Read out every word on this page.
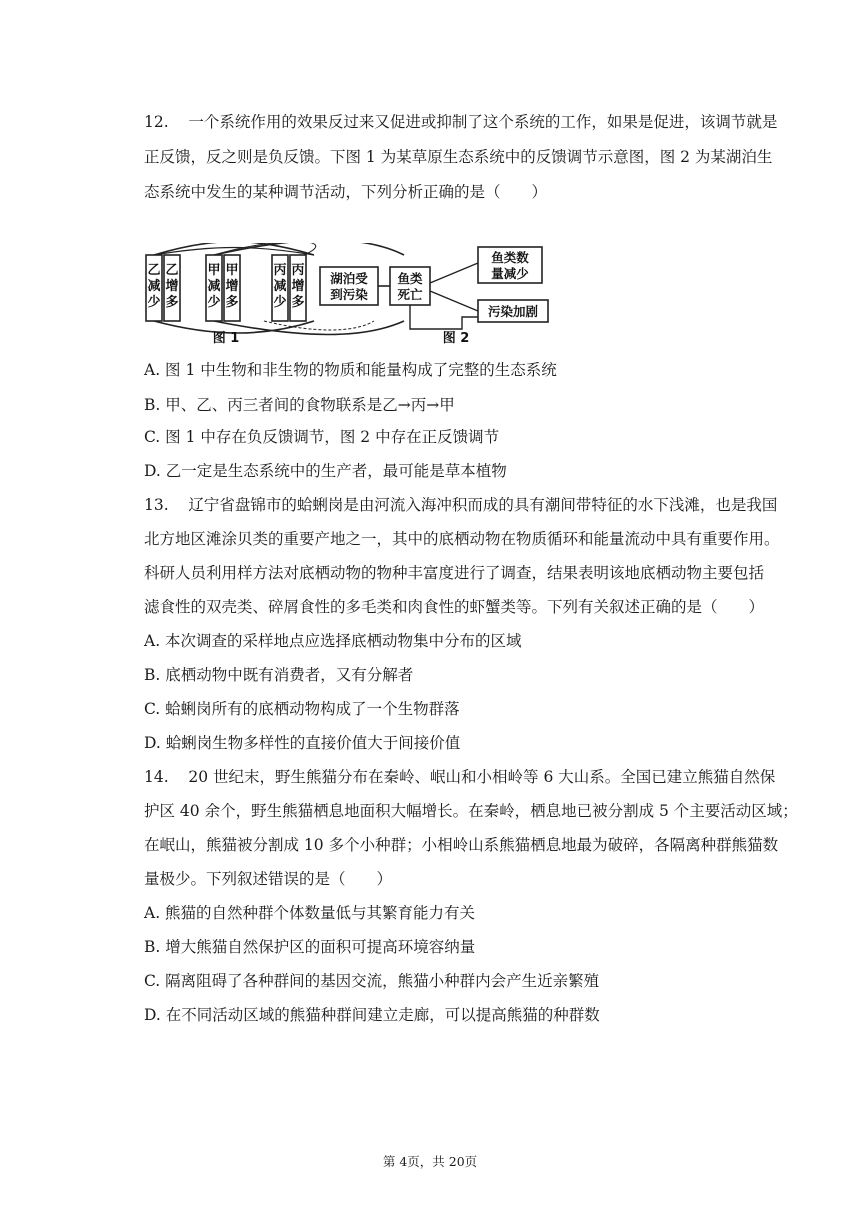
12. 一个系统作用的效果反过来又促进或抑制了这个系统的工作，如果是促进，该调节就是
正反馈，反之则是负反馈。下图 1 为某草原生态系统中的反馈调节示意图，图 2 为某湖泊生
态系统中发生的某种调节活动，下列分析正确的是（　　）
乙
减
少
乙
增
多
甲
减
少
甲
增
多
丙
减
少
丙
增
多
图 1
湖泊受
到污染
鱼类
死亡
鱼类数
量减少
污染加剧
图 2
A. 图 1 中生物和非生物的物质和能量构成了完整的生态系统
B. 甲、乙、丙三者间的食物联系是乙→丙→甲
C. 图 1 中存在负反馈调节，图 2 中存在正反馈调节
D. 乙一定是生态系统中的生产者，最可能是草本植物
13. 辽宁省盘锦市的蛤蜊岗是由河流入海冲积而成的具有潮间带特征的水下浅滩，也是我国
北方地区滩涂贝类的重要产地之一，其中的底栖动物在物质循环和能量流动中具有重要作用。
科研人员利用样方法对底栖动物的物种丰富度进行了调查，结果表明该地底栖动物主要包括
滤食性的双壳类、碎屑食性的多毛类和肉食性的虾蟹类等。下列有关叙述正确的是（　　）
A. 本次调查的采样地点应选择底栖动物集中分布的区域
B. 底栖动物中既有消费者，又有分解者
C. 蛤蜊岗所有的底栖动物构成了一个生物群落
D. 蛤蜊岗生物多样性的直接价值大于间接价值
14. 20 世纪末，野生熊猫分布在秦岭、岷山和小相岭等 6 大山系。全国已建立熊猫自然保
护区 40 余个，野生熊猫栖息地面积大幅增长。在秦岭，栖息地已被分割成 5 个主要活动区域；
在岷山，熊猫被分割成 10 多个小种群；小相岭山系熊猫栖息地最为破碎，各隔离种群熊猫数
量极少。下列叙述错误的是（　　）
A. 熊猫的自然种群个体数量低与其繁育能力有关
B. 增大熊猫自然保护区的面积可提高环境容纳量
C. 隔离阻碍了各种群间的基因交流，熊猫小种群内会产生近亲繁殖
D. 在不同活动区域的熊猫种群间建立走廊，可以提高熊猫的种群数
第 4页，共 20页
